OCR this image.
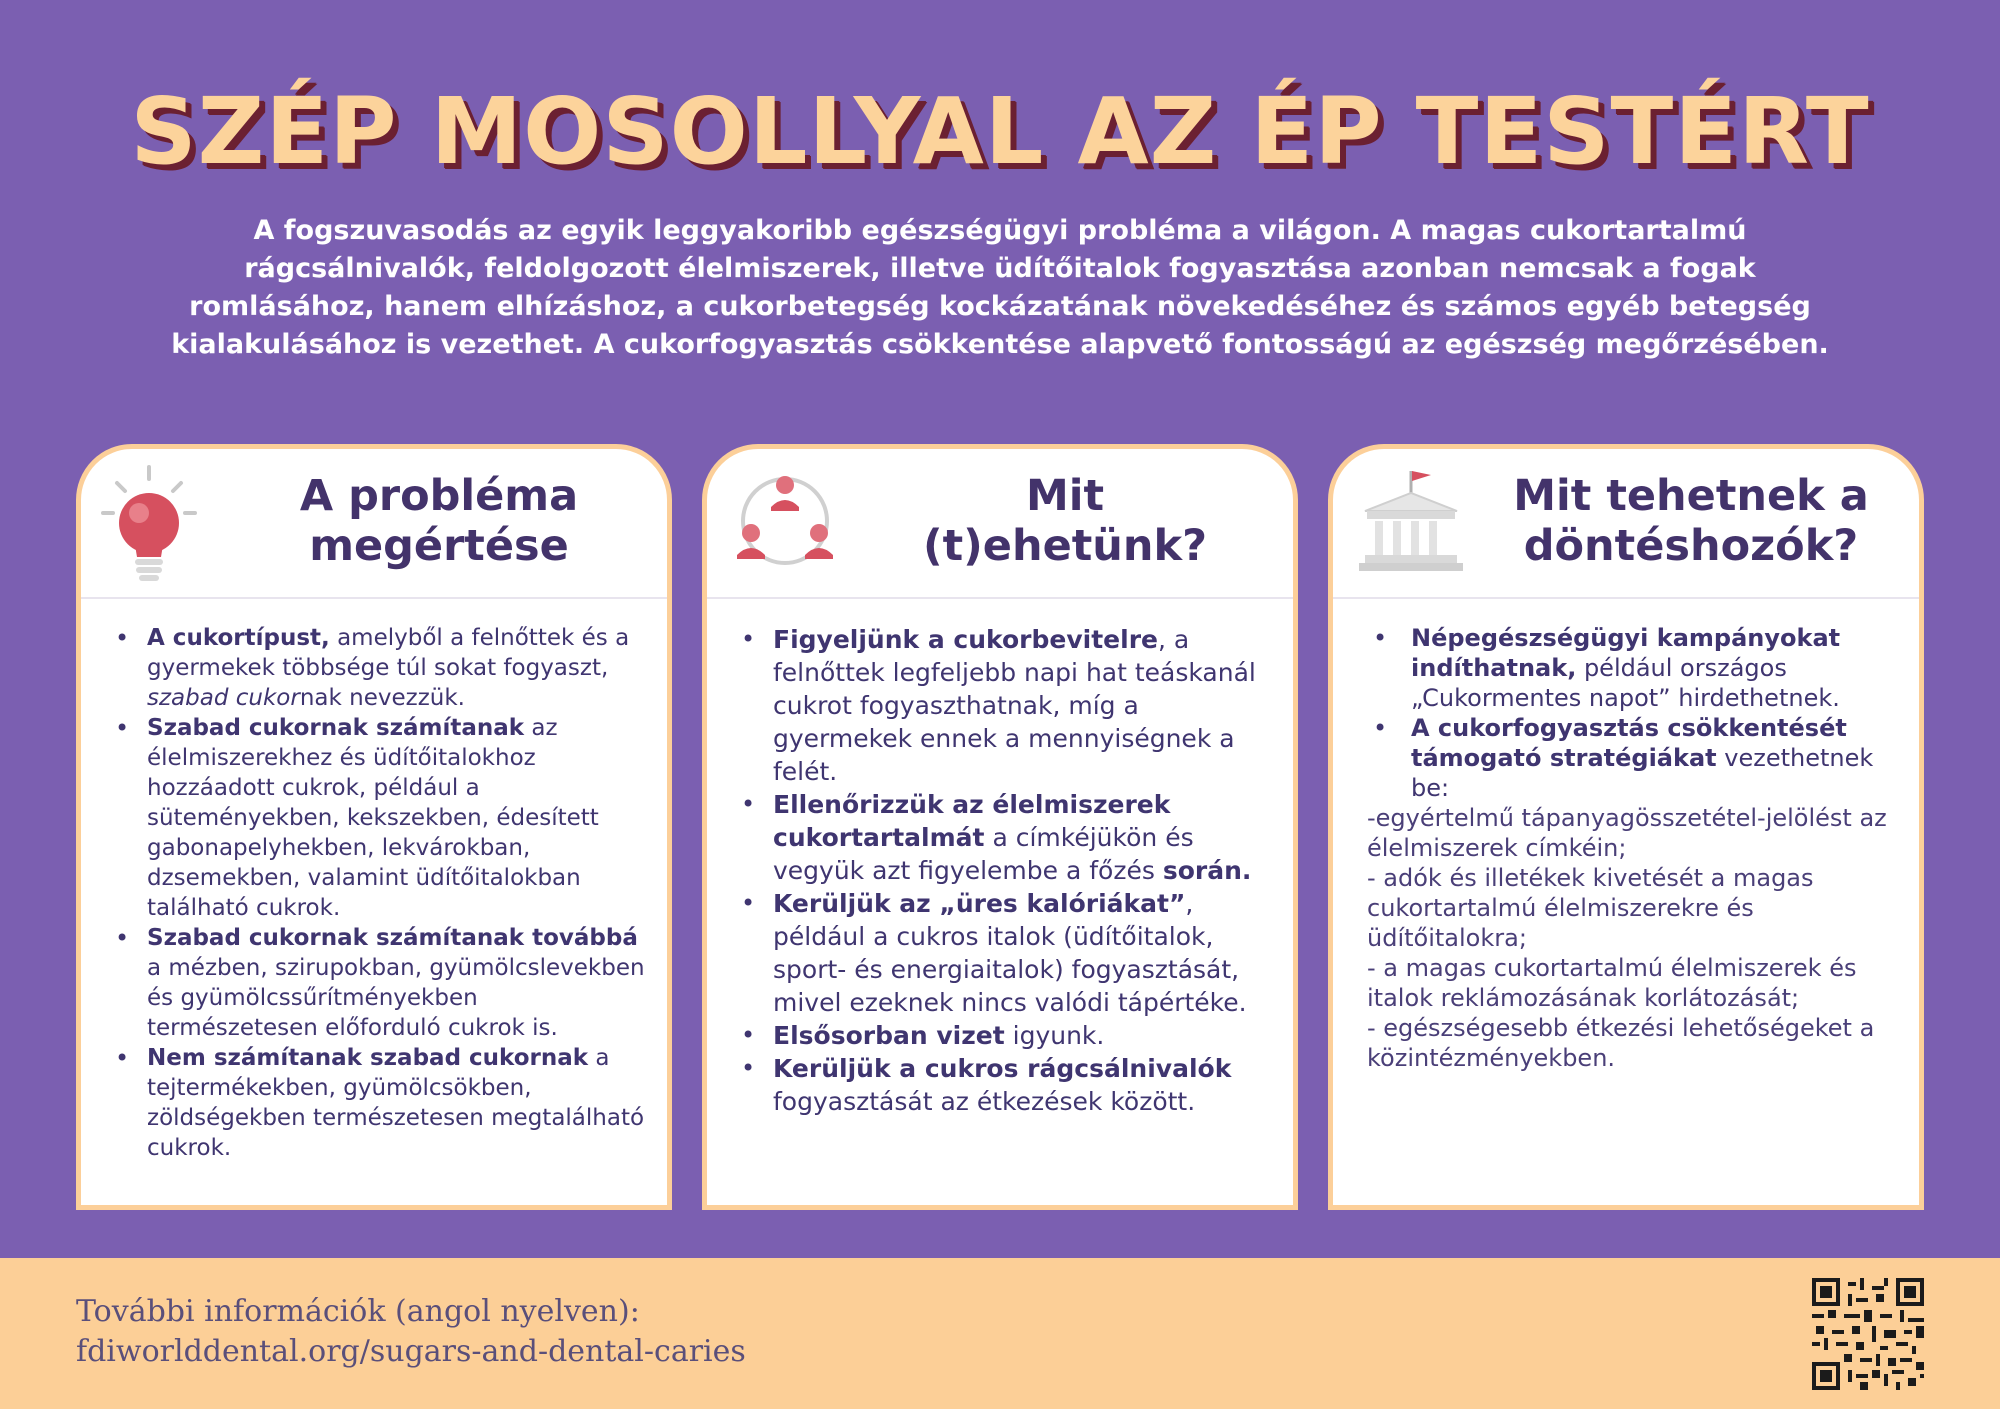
SZÉP MOSOLLYAL AZ ÉP TESTÉRT

A fogszuvasodás az egyik leggyakoribb egészségügyi probléma a világon. A magas cukortartalmú rágcsálnivalók, feldolgozott élelmiszerek, illetve üdítőitalok fogyasztása azonban nemcsak a fogak romlásához, hanem elhízáshoz, a cukorbetegség kockázatának növekedéséhez és számos egyéb betegség kialakulásához is vezethet. A cukorfogyasztás csökkentése alapvető fontosságú az egészség megőrzésében.

A probléma
megértése
• A cukortípust, amelyből a felnőttek és a gyermekek többsége túl sokat fogyaszt, szabad cukornak nevezzük.
• Szabad cukornak számítanak az élelmiszerekhez és üdítőitalokhoz hozzáadott cukrok, például a süteményekben, kekszekben, édesített gabonapelyhekben, lekvárokban, dzsemekben, valamint üdítőitalokban található cukrok.
• Szabad cukornak számítanak továbbá a mézben, szirupokban, gyümölcslevekben és gyümölcssűrítményekben természetesen előforduló cukrok is.
• Nem számítanak szabad cukornak a tejtermékekben, gyümölcsökben, zöldségekben természetesen megtalálható cukrok.
Mit
(t)ehetünk?
• Figyeljünk a cukorbevitelre, a felnőttek legfeljebb napi hat teáskanál cukrot fogyaszthatnak, míg a gyermekek ennek a mennyiségnek a felét.
• Ellenőrizzük az élelmiszerek cukortartalmát a címkéjükön és vegyük azt figyelembe a főzés során.
• Kerüljük az „üres kalóriákat”, például a cukros italok (üdítőitalok, sport- és energiaitalok) fogyasztását, mivel ezeknek nincs valódi tápértéke.
• Elsősorban vizet igyunk.
• Kerüljük a cukros rágcsálnivalók fogyasztását az étkezések között.
Mit tehetnek a
döntéshozók?
• Népegészségügyi kampányokat indíthatnak, például országos „Cukormentes napot” hirdethetnek.
• A cukorfogyasztás csökkentését támogató stratégiákat vezethetnek be:
-egyértelmű tápanyagösszetétel-jelölést az élelmiszerek címkéin;
- adók és illetékek kivetését a magas cukortartalmú élelmiszerekre és üdítőitalokra;
- a magas cukortartalmú élelmiszerek és italok reklámozásának korlátozását;
- egészségesebb étkezési lehetőségeket a közintézményekben.
További információk (angol nyelven):
fdiworlddental.org/sugars-and-dental-caries
